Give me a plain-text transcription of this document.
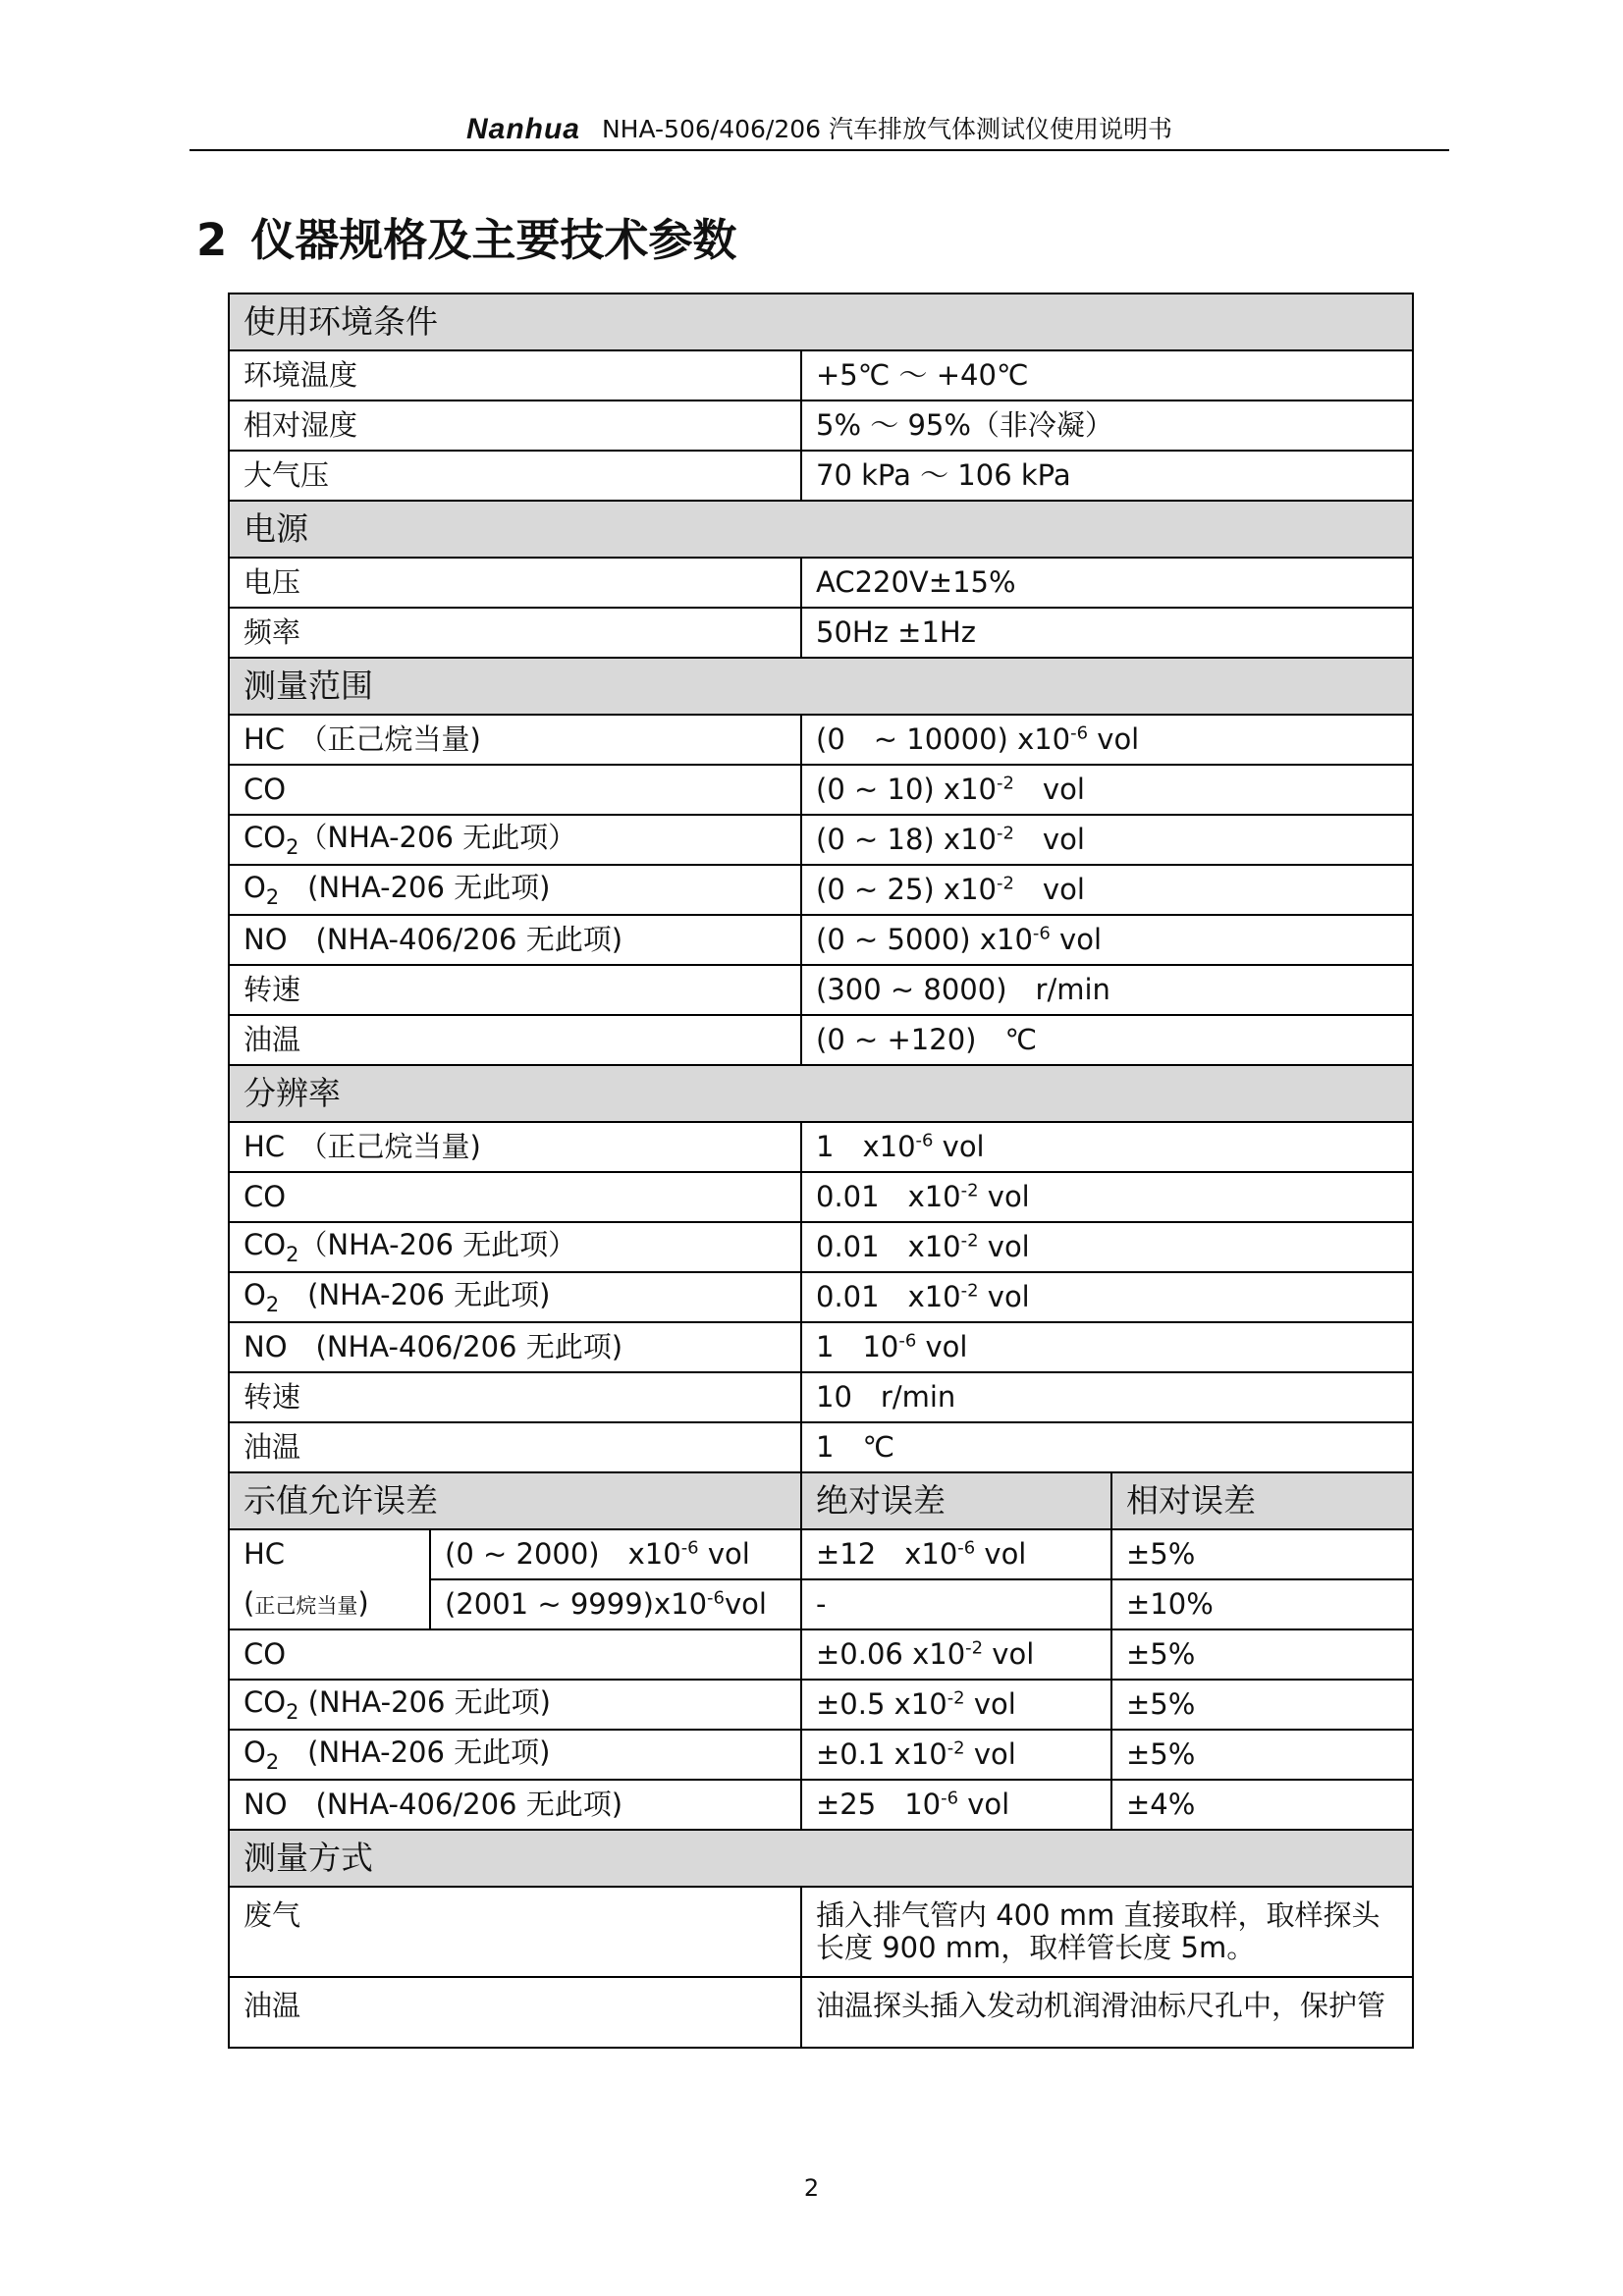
Nanhua NHA-506/406/206 汽车排放气体测试仪使用说明书
2 仪器规格及主要技术参数
使用环境条件			
环境温度		+5℃ ～ +40℃	
相对湿度		5% ～ 95%（非冷凝）	
大气压		70 kPa ～ 106 kPa	
电源			
电压		AC220V±15%	
频率		50Hz ±1Hz	
测量范围			
HC　（正己烷当量)		(0　~ 10000) $x10^{-6}$ vol	
CO		(0 ~ 10) $x10^{-2}$　vol	
$CO_2(NHA-206$ 无此项）		(0 ~ 18) $x10^{-2}$　vol	
$O_2$　(NHA-206 无此项)		(0 ~ 25) $x10^{-2}$　vol	
NO　(NHA-406/206 无此项)		(0 ~ 5000) $x10^{-6}$ vol	
转速		(300 ~ 8000)　r/min	
油温		(0 ~ +120)　℃	
分辨率			
HC　（正己烷当量)		1　$x10^{-6}$ vol	
CO		0.01　$x10^{-2}$ vol	
$CO_2(NHA-206$ 无此项）		0.01　$x10^{-2}$ vol	
$O_2$　(NHA-206 无此项)		0.01　$x10^{-2}$ vol	
NO　(NHA-406/206 无此项)		1　$10^{-6}$ vol	
转速		10　r/min	
油温		1　℃	
示值允许误差		绝对误差	相对误差
HC	(0 ~ 2000)　$x10^{-6}$ vol	±12　$x10^{-6}$ vol	±5%
(正己烷当量)	(2001 ~ $9999)x10^{-6}vol$	-	±10%
CO		±0.06 $x10^{-2}$ vol	±5%
$CO_2$ (NHA-206 无此项)		±0.5 $x10^{-2}$ vol	±5%
$O_2$　(NHA-206 无此项)		±0.1 $x10^{-2}$ vol	±5%
NO　(NHA-406/206 无此项)		±25　$10^{-6}$ vol	±4%
测量方式			
废气		插入排气管内 400 mm 直接取样，取样探头长度 900 mm，取样管长度 5m。	
油温		油温探头插入发动机润滑油标尺孔中，保护管	
2
